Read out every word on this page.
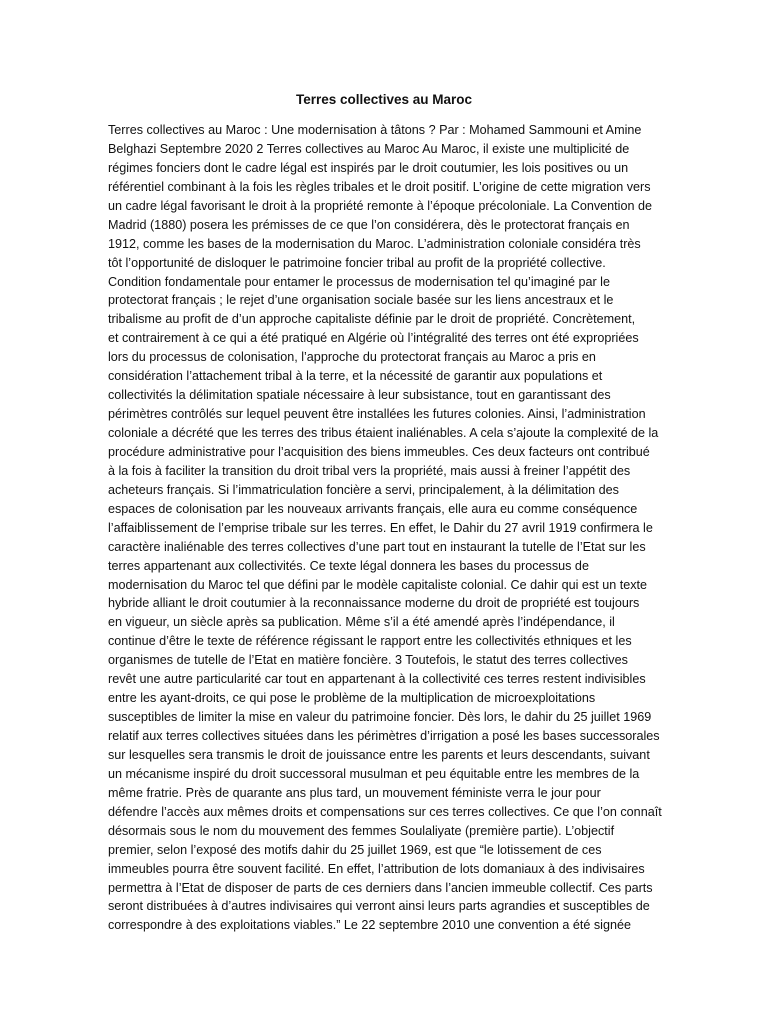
Terres collectives au Maroc
Terres collectives au Maroc : Une modernisation à tâtons ? Par : Mohamed Sammouni et Amine
Belghazi Septembre 2020 2 Terres collectives au Maroc Au Maroc, il existe une multiplicité de
régimes fonciers dont le cadre légal est inspirés par le droit coutumier, les lois positives ou un
référentiel combinant à la fois les règles tribales et le droit positif. L’origine de cette migration vers
un cadre légal favorisant le droit à la propriété remonte à l’époque précoloniale. La Convention de
Madrid (1880) posera les prémisses de ce que l’on considérera, dès le protectorat français en
1912, comme les bases de la modernisation du Maroc. L’administration coloniale considéra très
tôt l’opportunité de disloquer le patrimoine foncier tribal au profit de la propriété collective.
Condition fondamentale pour entamer le processus de modernisation tel qu’imaginé par le
protectorat français ; le rejet d’une organisation sociale basée sur les liens ancestraux et le
tribalisme au profit de d’un approche capitaliste définie par le droit de propriété. Concrètement,
et contrairement à ce qui a été pratiqué en Algérie où l’intégralité des terres ont été expropriées
lors du processus de colonisation, l’approche du protectorat français au Maroc a pris en
considération l’attachement tribal à la terre, et la nécessité de garantir aux populations et
collectivités la délimitation spatiale nécessaire à leur subsistance, tout en garantissant des
périmètres contrôlés sur lequel peuvent être installées les futures colonies. Ainsi, l’administration
coloniale a décrété que les terres des tribus étaient inaliénables. A cela s’ajoute la complexité de la
procédure administrative pour l’acquisition des biens immeubles. Ces deux facteurs ont contribué
à la fois à faciliter la transition du droit tribal vers la propriété, mais aussi à freiner l’appétit des
acheteurs français. Si l’immatriculation foncière a servi, principalement, à la délimitation des
espaces de colonisation par les nouveaux arrivants français, elle aura eu comme conséquence
l’affaiblissement de l’emprise tribale sur les terres. En effet, le Dahir du 27 avril 1919 confirmera le
caractère inaliénable des terres collectives d’une part tout en instaurant la tutelle de l’Etat sur les
terres appartenant aux collectivités. Ce texte légal donnera les bases du processus de
modernisation du Maroc tel que défini par le modèle capitaliste colonial. Ce dahir qui est un texte
hybride alliant le droit coutumier à la reconnaissance moderne du droit de propriété est toujours
en vigueur, un siècle après sa publication. Même s’il a été amendé après l’indépendance, il
continue d’être le texte de référence régissant le rapport entre les collectivités ethniques et les
organismes de tutelle de l’Etat en matière foncière. 3 Toutefois, le statut des terres collectives
revêt une autre particularité car tout en appartenant à la collectivité ces terres restent indivisibles
entre les ayant-droits, ce qui pose le problème de la multiplication de microexploitations
susceptibles de limiter la mise en valeur du patrimoine foncier. Dès lors, le dahir du 25 juillet 1969
relatif aux terres collectives situées dans les périmètres d’irrigation a posé les bases successorales
sur lesquelles sera transmis le droit de jouissance entre les parents et leurs descendants, suivant
un mécanisme inspiré du droit successoral musulman et peu équitable entre les membres de la
même fratrie. Près de quarante ans plus tard, un mouvement féministe verra le jour pour
défendre l’accès aux mêmes droits et compensations sur ces terres collectives. Ce que l’on connaît
désormais sous le nom du mouvement des femmes Soulaliyate (première partie). L’objectif
premier, selon l’exposé des motifs dahir du 25 juillet 1969, est que “le lotissement de ces
immeubles pourra être souvent facilité. En effet, l’attribution de lots domaniaux à des indivisaires
permettra à l’Etat de disposer de parts de ces derniers dans l’ancien immeuble collectif. Ces parts
seront distribuées à d’autres indivisaires qui verront ainsi leurs parts agrandies et susceptibles de
correspondre à des exploitations viables.” Le 22 septembre 2010 une convention a été signée
